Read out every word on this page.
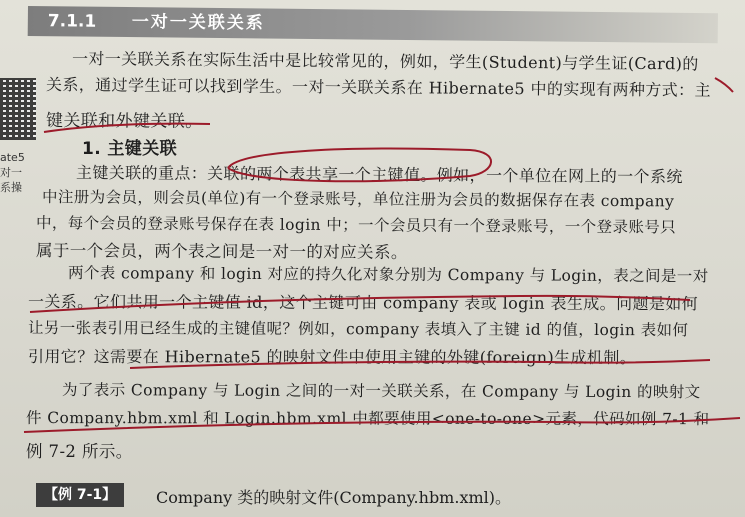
7.1.1 一对一关联关系
ate5 对一 系操
一对一关联关系在实际生活中是比较常见的，例如，学生(Student)与学生证(Card)的
关系，通过学生证可以找到学生。一对一关联关系在 Hibernate5 中的实现有两种方式：主
键关联和外键关联。
1. 主键关联
主键关联的重点：关联的两个表共享一个主键值。例如，一个单位在网上的一个系统
中注册为会员，则会员(单位)有一个登录账号，单位注册为会员的数据保存在表 company
中，每个会员的登录账号保存在表 login 中；一个会员只有一个登录账号，一个登录账号只
属于一个会员，两个表之间是一对一的对应关系。
两个表 company 和 login 对应的持久化对象分别为 Company 与 Login，表之间是一对
一关系。它们共用一个主键值 id，这个主键可由 company 表或 login 表生成。问题是如何
让另一张表引用已经生成的主键值呢？例如，company 表填入了主键 id 的值，login 表如何
引用它？这需要在 Hibernate5 的映射文件中使用主键的外键(foreign)生成机制。
为了表示 Company 与 Login 之间的一对一关联关系，在 Company 与 Login 的映射文
件 Company.hbm.xml 和 Login.hbm.xml 中都要使用<one-to-one>元素，代码如例 7-1 和
例 7-2 所示。
【例 7-1】	Company 类的映射文件(Company.hbm.xml)。
